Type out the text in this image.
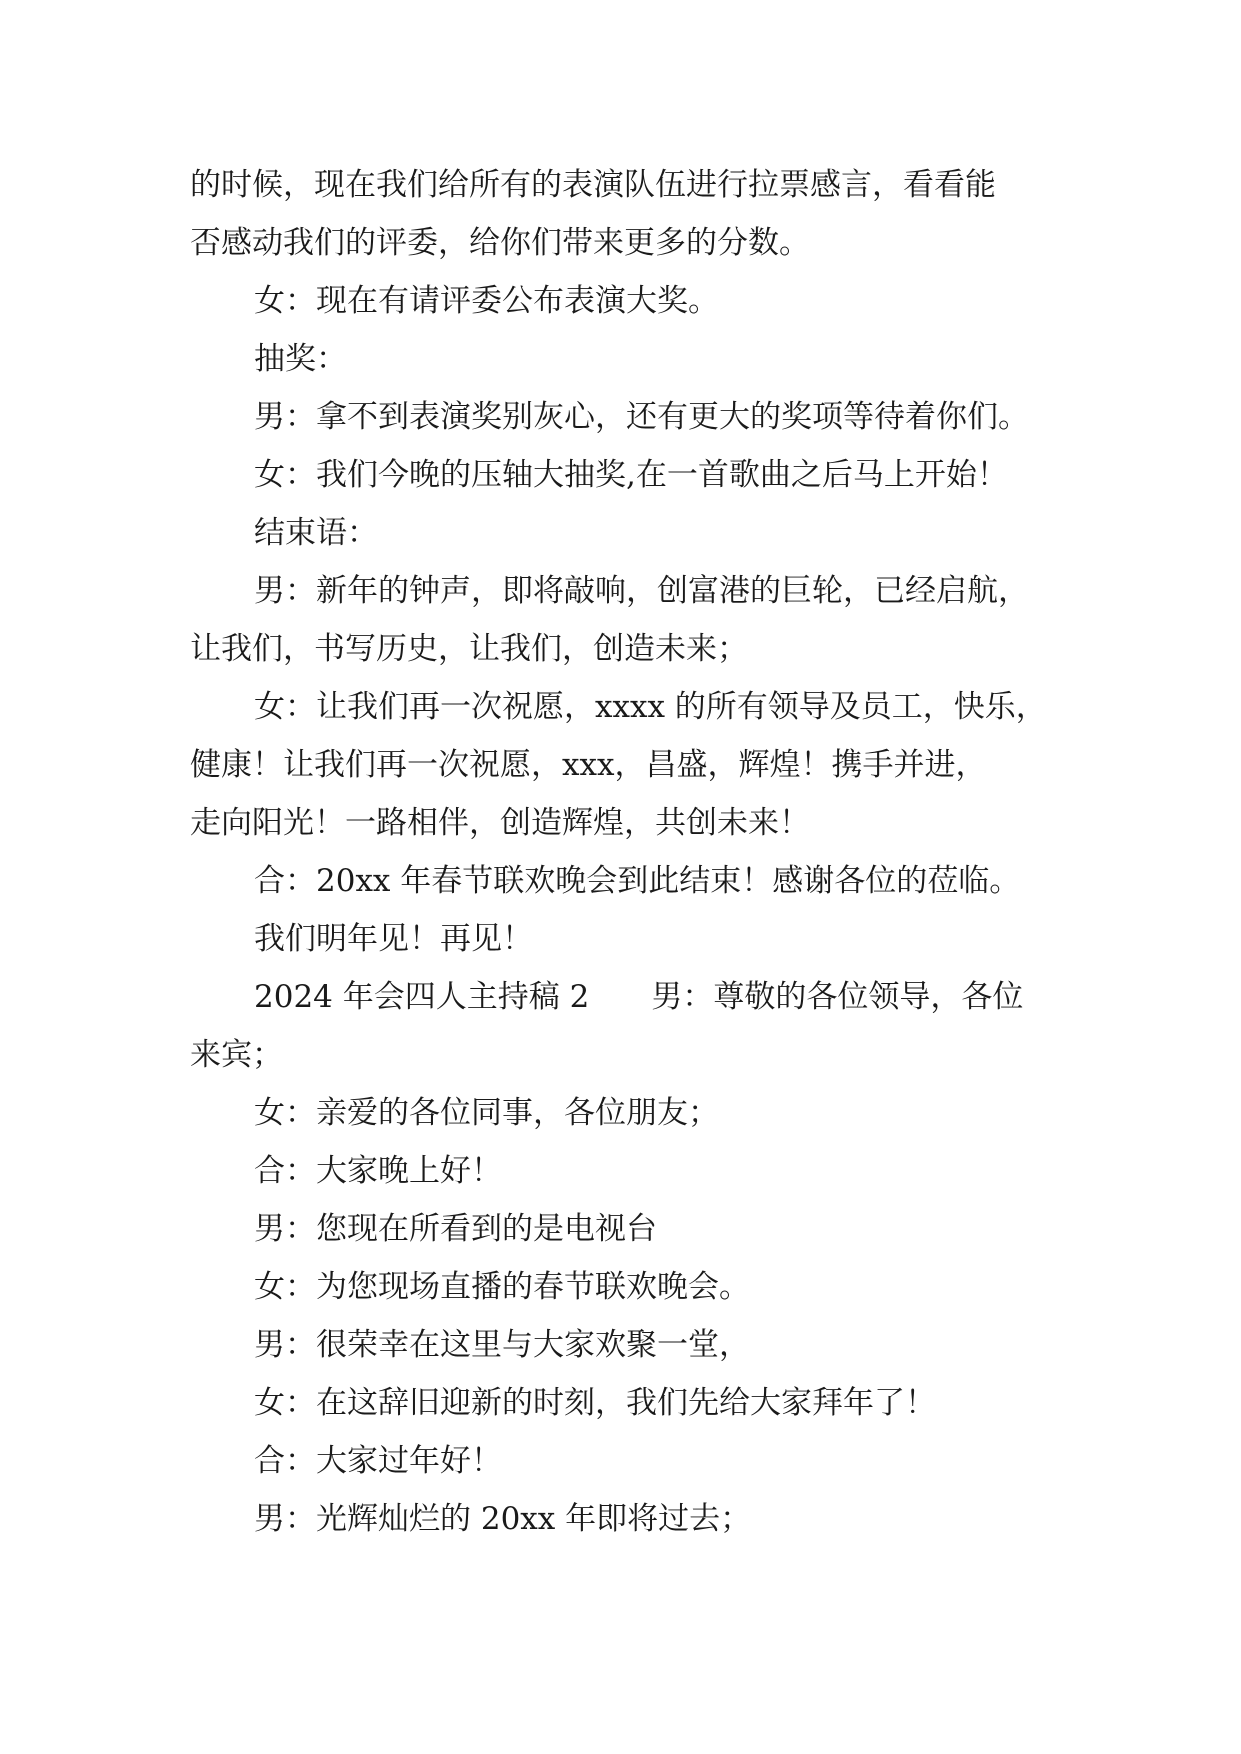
的时候，现在我们给所有的表演队伍进行拉票感言，看看能

否感动我们的评委，给你们带来更多的分数。

女：现在有请评委公布表演大奖。

抽奖：

男：拿不到表演奖别灰心，还有更大的奖项等待着你们。

女：我们今晚的压轴大抽奖,在一首歌曲之后马上开始！

结束语：

男：新年的钟声，即将敲响，创富港的巨轮，已经启航，

让我们，书写历史，让我们，创造未来；

女：让我们再一次祝愿，xxxx 的所有领导及员工，快乐，

健康！让我们再一次祝愿，xxx，昌盛，辉煌！携手并进，

走向阳光！一路相伴，创造辉煌，共创未来！

合：20xx 年春节联欢晚会到此结束！感谢各位的莅临。

我们明年见！再见！

2024 年会四人主持稿 2　　男：尊敬的各位领导，各位

来宾；

女：亲爱的各位同事，各位朋友；

合：大家晚上好！

男：您现在所看到的是电视台

女：为您现场直播的春节联欢晚会。

男：很荣幸在这里与大家欢聚一堂，

女：在这辞旧迎新的时刻，我们先给大家拜年了！

合：大家过年好！

男：光辉灿烂的 20xx 年即将过去；
